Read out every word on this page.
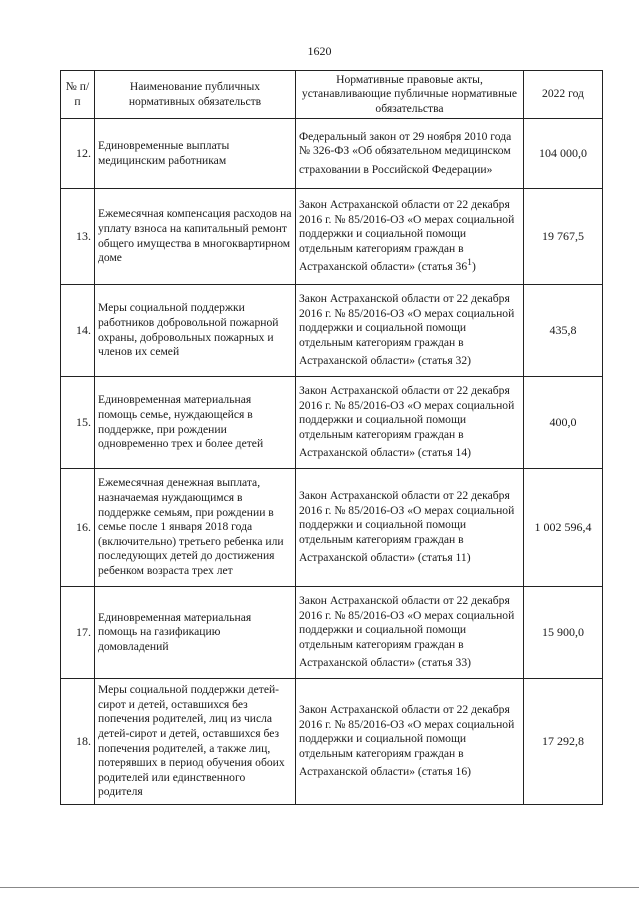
1620
№ п/п	Наименование публичных нормативных обязательств	Нормативные правовые акты, устанавливающие публичные нормативные обязательства	2022 год
12.	Единовременные выплаты медицинским работникам	Федеральный закон от 29 ноября 2010 года № 326-ФЗ «Об обязательном медицинском страховании в Российской Федерации»	104 000,0
13.	Ежемесячная компенсация расходов на уплату взноса на капитальный ремонт общего имущества в многоквартирном доме	Закон Астраханской области от 22 декабря 2016 г. № 85/2016-ОЗ «О мерах социальной поддержки и социальной помощи отдельным категориям граждан в Астраханской области» (статья $36^1$)	19 767,5
14.	Меры социальной поддержки работников добровольной пожарной охраны, добровольных пожарных и членов их семей	Закон Астраханской области от 22 декабря 2016 г. № 85/2016-ОЗ «О мерах социальной поддержки и социальной помощи отдельным категориям граждан в Астраханской области» (статья 32)	435,8
15.	Единовременная материальная помощь семье, нуждающейся в поддержке, при рождении одновременно трех и более детей	Закон Астраханской области от 22 декабря 2016 г. № 85/2016-ОЗ «О мерах социальной поддержки и социальной помощи отдельным категориям граждан в Астраханской области» (статья 14)	400,0
16.	Ежемесячная денежная выплата, назначаемая нуждающимся в поддержке семьям, при рождении в семье после 1 января 2018 года (включительно) третьего ребенка или последующих детей до достижения ребенком возраста трех лет	Закон Астраханской области от 22 декабря 2016 г. № 85/2016-ОЗ «О мерах социальной поддержки и социальной помощи отдельным категориям граждан в Астраханской области» (статья 11)	1 002 596,4
17.	Единовременная материальная помощь на газификацию домовладений	Закон Астраханской области от 22 декабря 2016 г. № 85/2016-ОЗ «О мерах социальной поддержки и социальной помощи отдельным категориям граждан в Астраханской области» (статья 33)	15 900,0
18.	Меры социальной поддержки детей-сирот и детей, оставшихся без попечения родителей, лиц из числа детей-сирот и детей, оставшихся без попечения родителей, а также лиц, потерявших в период обучения обоих родителей или единственного родителя	Закон Астраханской области от 22 декабря 2016 г. № 85/2016-ОЗ «О мерах социальной поддержки и социальной помощи отдельным категориям граждан в Астраханской области» (статья 16)	17 292,8
